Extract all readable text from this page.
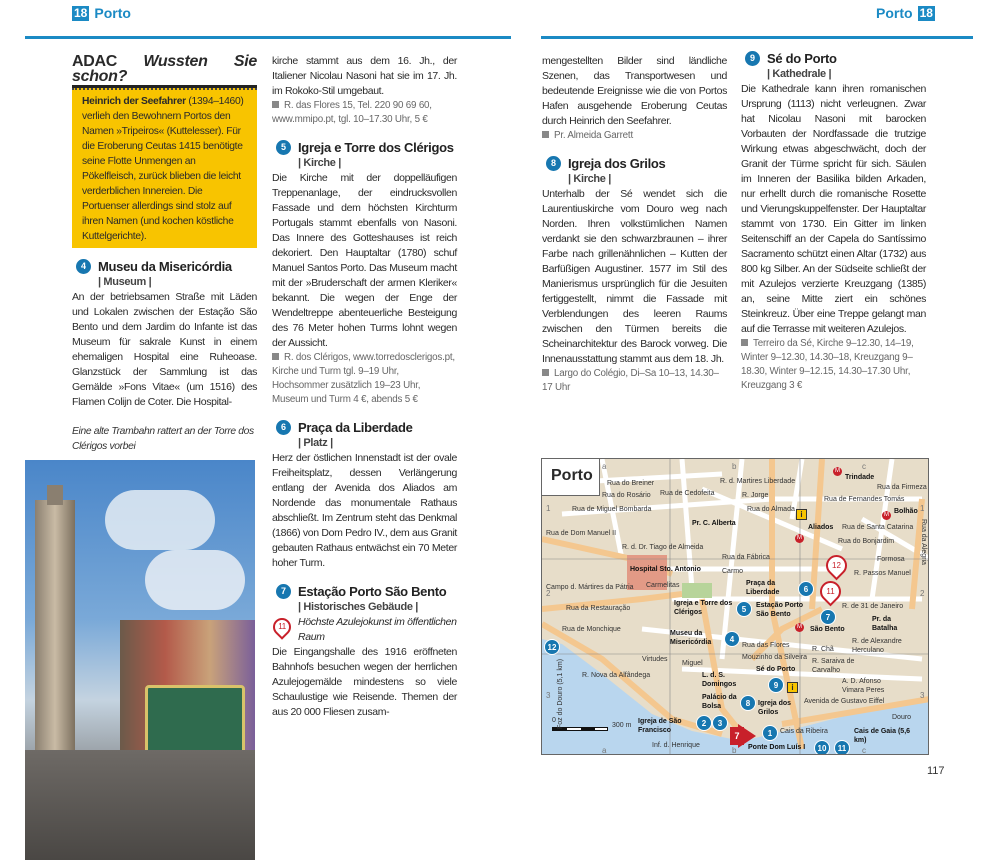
18 Porto	Porto 18
ADAC Wussten Sie schon?
Heinrich der Seefahrer (1394–1460) verlieh den Bewohnern Portos den Namen »Tripeiros« (Kuttelesser). Für die Eroberung Ceutas 1415 benötigte seine Flotte Unmengen an Pökelfleisch, zurück blieben die leicht verderblichen Innereien. Die Portuenser allerdings sind stolz auf ihren Namen (und kochen köstliche Kuttelgerichte).
4 Museu da Misericórdia
| Museum |

An der betriebsamen Straße mit Läden und Lokalen zwischen der Estação São Bento und dem Jardim do Infante ist das Museum für sakrale Kunst in einem ehemaligen Hospital eine Ruheoase. Glanzstück der Sammlung ist das Gemälde »Fons Vitae« (um 1516) des Flamen Colijn de Coter. Die Hospital-

Eine alte Trambahn rattert an der Torre dos Clérigos vorbei

kirche stammt aus dem 16. Jh., der Italiener Nicolau Nasoni hat sie im 17. Jh. im Rokoko-Stil umgebaut.

R. das Flores 15, Tel. 220 90 69 60, www.mmipo.pt, tgl. 10–17.30 Uhr, 5 €

5 Igreja e Torre dos Clérigos
| Kirche |

Die Kirche mit der doppelläufigen Treppenanlage, der eindrucksvollen Fassade und dem höchsten Kirchturm Portugals stammt ebenfalls von Nasoni. Das Innere des Gotteshauses ist reich dekoriert. Den Hauptaltar (1780) schuf Manuel Santos Porto. Das Museum macht mit der »Bruderschaft der armen Kleriker« bekannt. Die wegen der Enge der Wendeltreppe abenteuerliche Besteigung des 76 Meter hohen Turms lohnt wegen der Aussicht.

R. dos Clérigos, www.torredosclerigos.pt, Kirche und Turm tgl. 9–19 Uhr, Hochsommer zusätzlich 19–23 Uhr, Museum und Turm 4 €, abends 5 €

6 Praça da Liberdade
| Platz |

Herz der östlichen Innenstadt ist der ovale Freiheitsplatz, dessen Verlängerung entlang der Avenida dos Aliados am Nordende das monumentale Rathaus abschließt. Im Zentrum steht das Denkmal (1866) von Dom Pedro IV., dem aus Granit gebauten Rathaus entwächst ein 70 Meter hoher Turm.

7 Estação Porto São Bento
| Historisches Gebäude |
11	Höchste Azulejokunst im öffentlichen Raum

Die Eingangshalle des 1916 eröffneten Bahnhofs besuchen wegen der herrlichen Azulejogemälde mindestens so viele Schaulustige wie Reisende. Themen der aus 20 000 Fliesen zusam-

mengestellten Bilder sind ländliche Szenen, das Transportwesen und bedeutende Ereignisse wie die von Portos Hafen ausgehende Eroberung Ceutas durch Heinrich den Seefahrer.

Pr. Almeida Garrett

8 Igreja dos Grilos
| Kirche |

Unterhalb der Sé wendet sich die Laurentiuskirche vom Douro weg nach Norden. Ihren volkstümlichen Namen verdankt sie den schwarzbraunen – ihrer Farbe nach grillenähnlichen – Kutten der Barfüßigen Augustiner. 1577 im Stil des Manierismus ursprünglich für die Jesuiten fertiggestellt, nimmt die Fassade mit Verblendungen des leeren Raums zwischen den Türmen bereits die Scheinarchitektur des Barock vorweg. Die Innenausstattung stammt aus dem 18. Jh.

Largo do Colégio, Di–Sa 10–13, 14.30–17 Uhr

9 Sé do Porto
| Kathedrale |

Die Kathedrale kann ihren romanischen Ursprung (1113) nicht verleugnen. Zwar hat Nicolau Nasoni mit barocken Vorbauten der Nordfassade die trutzige Wirkung etwas abgeschwächt, doch der Granit der Türme spricht für sich. Säulen im Inneren der Basilika bilden Arkaden, nur erhellt durch die romanische Rosette und Vierungskuppelfenster. Der Hauptaltar stammt von 1730. Ein Gitter im linken Seitenschiff an der Capela do Santíssimo Sacramento schützt einen Altar (1732) aus 800 kg Silber. An der Südseite schließt der mit Azulejos verzierte Kreuzgang (1385) an, seine Mitte ziert ein schönes Steinkreuz. Über eine Treppe gelangt man auf die Terrasse mit weiteren Azulejos.

Terreiro da Sé, Kirche 9–12.30, 14–19, Winter 9–12.30, 14.30–18, Kreuzgang 9–18.30, Winter 9–12.15, 14.30–17.30 Uhr, Kreuzgang 3 €

Porto
0
300 m
7
i
i
M
M
M
M
Trindade
Rua da Firmeza
Rua de Fernandes Tomás
Bolhão
Rua da Alegria
Rua do Breiner
Rua de Miguel Bombarda
Rua de Cedofeita
R. d. Martires Liberdade
R. Jorge
Rua do Rosário
Aliados
Pr. C. Alberta
Rua de Dom Manuel II
R. d. Dr. Tiago de Almeida
Hospital Sto. Antonio
Rua da Fábrica	Formosa
Carmo	R. Passos Manuel
Praça da Liberdade
R. de 31 de Janeiro
Igreja e Torre dos Clérigos
Estação Porto São Bento
Pr. da Batalha
Rua da Restauração
São Bento
Museu da Misericórdia	R. de Alexandre Herculano
Rua de Monchique
R. Chã
Miguel
R. Nova da Alfândega	L. d. S. Domingos
Sé do Porto
R. Saraiva de Carvalho
Palácio da Bolsa	Igreja dos Grilos
Igreja de São Francisco
Avenida de Gustavo Eiffel
Douro
Cais da Ribeira
Ponte Dom Luís I
Cais de Gaia (5,6 km)
Foz do Douro (5,1 km)
Rua do Almada
Rua do Bonjardim
Rua de Santa Catarina
Mouzinho da Silveira
A. D. Afonso Vimara Peres
Virtudes
Campo d. Mártires da Pátria
Inf. d. Henrique
Carmelitas
Rua das Flores
12
5
6
7
4
9
8
2	3
1
10	11
12
11
a
a
b
b
c
c
1	1
2	2
3	3
117
